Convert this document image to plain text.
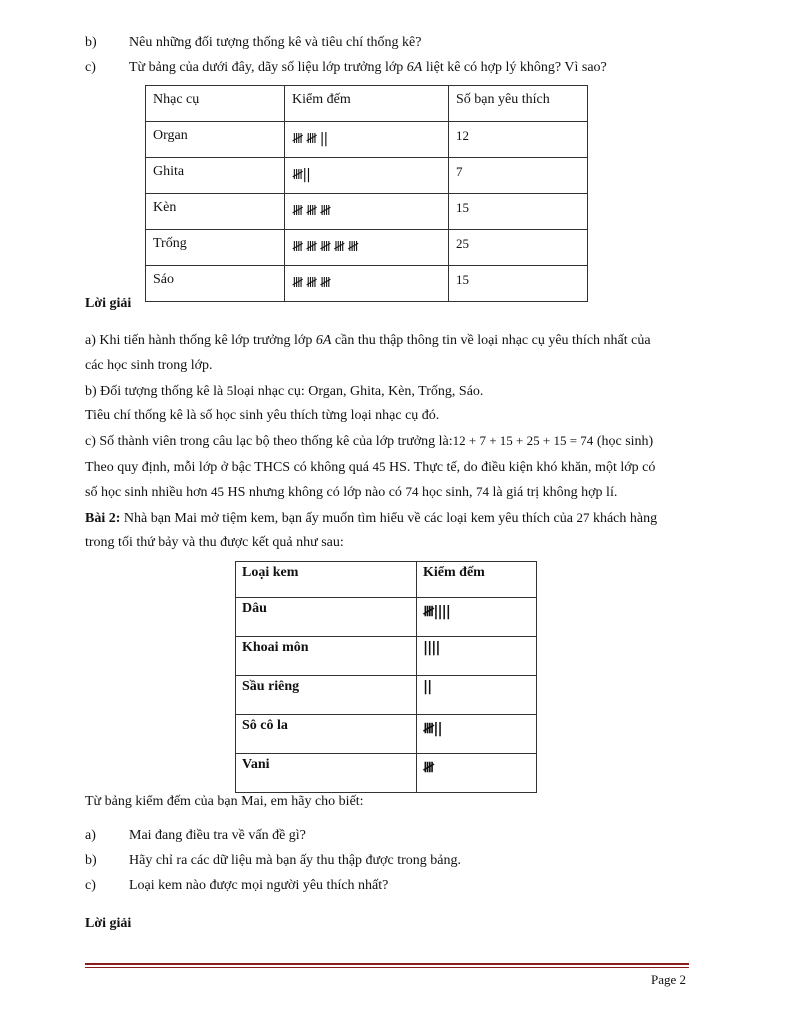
b) Nêu những đối tượng thống kê và tiêu chí thống kê?
c) Từ bảng của dưới đây, dãy số liệu lớp trưởng lớp 6A liệt kê có hợp lý không? Vì sao?
Nhạc cụ	Kiểm đếm	Số bạn yêu thích
Organ	𝍸 𝍸 ||	12
Ghita	𝍸||	7
Kèn	𝍸 𝍸 𝍸	15
Trống	𝍸 𝍸 𝍸 𝍸 𝍸	25
Sáo	𝍸 𝍸 𝍸	15
Lời giải
a) Khi tiến hành thống kê lớp trưởng lớp 6A cần thu thập thông tin về loại nhạc cụ yêu thích nhất của
các học sinh trong lớp.
b) Đối tượng thống kê là 5loại nhạc cụ: Organ, Ghita, Kèn, Trống, Sáo.
Tiêu chí thống kê là số học sinh yêu thích từng loại nhạc cụ đó.
c) Số thành viên trong câu lạc bộ theo thống kê của lớp trưởng là:12 + 7 + 15 + 25 + 15 = 74 (học sinh)
Theo quy định, mỗi lớp ở bậc THCS có không quá 45 HS. Thực tế, do điều kiện khó khăn, một lớp có
số học sinh nhiều hơn 45 HS nhưng không có lớp nào có 74 học sinh, 74 là giá trị không hợp lí.
Bài 2: Nhà bạn Mai mở tiệm kem, bạn ấy muốn tìm hiểu về các loại kem yêu thích của 27 khách hàng
trong tối thứ bảy và thu được kết quả như sau:
Loại kem	Kiểm đếm
Dâu	𝍸||||
Khoai môn	||||
Sầu riêng	||
Sô cô la	𝍸||
Vani	𝍸
Từ bảng kiểm đếm của bạn Mai, em hãy cho biết:
a) Mai đang điều tra về vấn đề gì?
b) Hãy chỉ ra các dữ liệu mà bạn ấy thu thập được trong bảng.
c) Loại kem nào được mọi người yêu thích nhất?
Lời giải
Page 2
